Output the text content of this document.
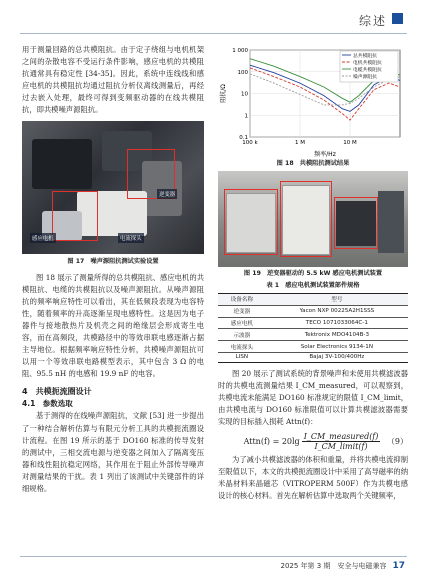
综述

用于测量回路的总共模阻抗。由于定子绕组与电机机架之间的杂散电容不受运行条件影响，感应电机的共模阻抗通常具有稳定性 [34-35]。因此，系统中连线线和感应电机的共模阻抗均通过阻抗分析仪离线测量后，再经过去嵌入处理，最终可得到变频驱动器的在线共模阻抗，即共模噪声源阻抗。

逆变器
感应电机	电流探头
图 17　噪声源阻抗测试实验设置

图 18 展示了测量所得的总共模阻抗、感应电机的共模阻抗、电缆的共模阻抗以及噪声源阻抗。从噪声源阻抗的频率响应特性可以看出，其在低频段表现为电容特性，随着频率的升高逐渐呈现电感特性。这是因为电子器件与接地散热片及机壳之间的绝缘层会形成寄生电容，而在高频段，共模路径中的等效串联电感逐渐占据主导地位。根据频率响应特性分析，共模噪声源阻抗可以用一个等效串联电路模型表示，其中包含 3 Ω 的电阻、95.5 nH 的电感和 19.9 nF 的电容。

4　共模扼流圈设计
4.1　参数选取

基于测得的在线噪声源阻抗，文献 [53] 进一步提出了一种结合解析估算与有限元分析工具的共模扼流圈设计流程。在图 19 所示的基于 DO160 标准的传导发射的测试中，三相交流电源与逆变器之间加入了隔离变压器和线性阻抗稳定网络，其作用在于阻止外部传导噪声对测量结果的干扰。表 1 列出了该测试中关键部件的详细规格。

1 000
100
10
1
0.1
100 k	1 M	10 M
频率/Hz
阻抗/Ω
总共模阻抗
电机共模阻抗
电缆共模阻抗
噪声源阻抗
图 18　共模阻抗测试结果
图 19　逆变器驱动的 5.5 kW 感应电机测试装置
表 1　感应电机测试装置部件规格
设备名称	型号
逆变器	Yacon NXP 00225A2H1SSS
感应电机	TECO 1071033064C-1
示波器	Tektronix MDO4104B-3
电流探头	Solar Electronics 9134-1N
LISN	Bajaj 3V-100/400Hz

图 20 展示了测试系统的背景噪声和未使用共模滤波器时的共模电流测量结果 I_CM_measured，可以观察到，共模电流未能满足 DO160 标准规定的限值 I_CM_limit，由共模电流与 DO160 标准限值可以计算共模滤波器需要实现的目标插入损耗 Attn(f)：

Attn(f) = $20\lg \frac{\text{I\_CM\_measured(f)}}{\text{I\_CM\_limit(f)}} (9)$

为了减小共模滤波器的体积和重量，并将共模电流抑制至限值以下，本文的共模扼流圈设计中采用了高导磁率的纳米晶材料来晶磁芯（VITROPERM 500F）作为共模电感设计的核心材料。首先在解析估算中选取两个关键频率，

2025 年第 3 期　安全与电磁兼容 17
